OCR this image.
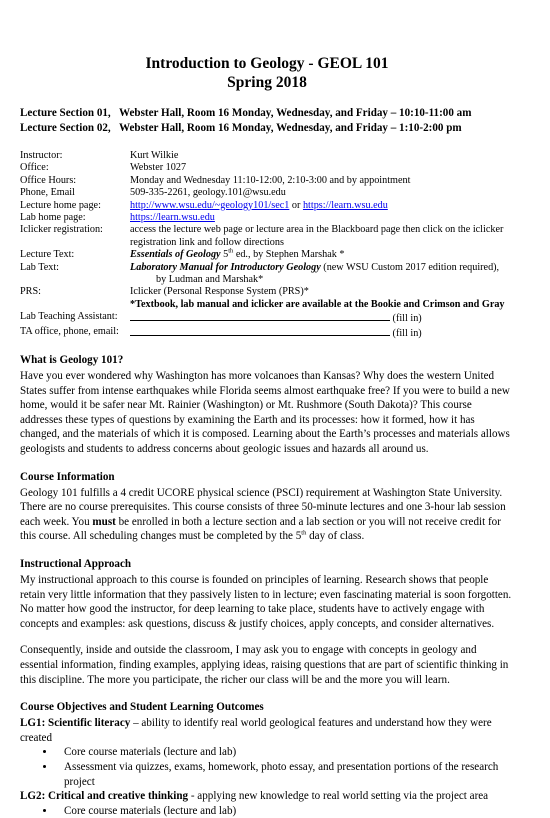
Introduction to Geology - GEOL 101
Spring 2018
Lecture Section 01, Webster Hall, Room 16 Monday, Wednesday, and Friday – 10:10-11:00 am
Lecture Section 02, Webster Hall, Room 16 Monday, Wednesday, and Friday – 1:10-2:00 pm
Instructor:	Kurt Wilkie
Office:	Webster 1027
Office Hours:	Monday and Wednesday 11:10-12:00, 2:10-3:00 and by appointment
Phone, Email	509-335-2261, geology.101@wsu.edu
Lecture home page:	http://www.wsu.edu/~geology101/sec1 or https://learn.wsu.edu
Lab home page:	https://learn.wsu.edu
Iclicker registration:	access the lecture web page or lecture area in the Blackboard page then click on the iclicker registration link and follow directions
Lecture Text:	Essentials of Geology 5th ed., by Stephen Marshak *
Lab Text:	Laboratory Manual for Introductory Geology (new WSU Custom 2017 edition required),
by Ludman and Marshak*
PRS:	Iclicker (Personal Response System (PRS)*
*Textbook, lab manual and iclicker are available at the Bookie and Crimson and Gray
Lab Teaching Assistant:	(fill in)
TA office, phone, email:	(fill in)
What is Geology 101?

Have you ever wondered why Washington has more volcanoes than Kansas? Why does the western United States suffer from intense earthquakes while Florida seems almost earthquake free? If you were to build a new home, would it be safer near Mt. Rainier (Washington) or Mt. Rushmore (South Dakota)? This course addresses these types of questions by examining the Earth and its processes: how it formed, how it has changed, and the materials of which it is composed. Learning about the Earth’s processes and materials allows geologists and students to address concerns about geologic issues and hazards all around us.

Course Information

Geology 101 fulfills a 4 credit UCORE physical science (PSCI) requirement at Washington State University. There are no course prerequisites. This course consists of three 50-minute lectures and one 3-hour lab session each week. You must be enrolled in both a lecture section and a lab section or you will not receive credit for this course. All scheduling changes must be completed by the 5th day of class.

Instructional Approach

My instructional approach to this course is founded on principles of learning. Research shows that people retain very little information that they passively listen to in lecture; even fascinating material is soon forgotten. No matter how good the instructor, for deep learning to take place, students have to actively engage with concepts and examples: ask questions, discuss & justify choices, apply concepts, and consider alternatives.

Consequently, inside and outside the classroom, I may ask you to engage with concepts in geology and essential information, finding examples, applying ideas, raising questions that are part of scientific thinking in this discipline. The more you participate, the richer our class will be and the more you will learn.

Course Objectives and Student Learning Outcomes
LG1: Scientific literacy – ability to identify real world geological features and understand how they were created
• Core course materials (lecture and lab)
• Assessment via quizzes, exams, homework, photo essay, and presentation portions of the research project
LG2: Critical and creative thinking - applying new knowledge to real world setting via the project area
• Core course materials (lecture and lab)
